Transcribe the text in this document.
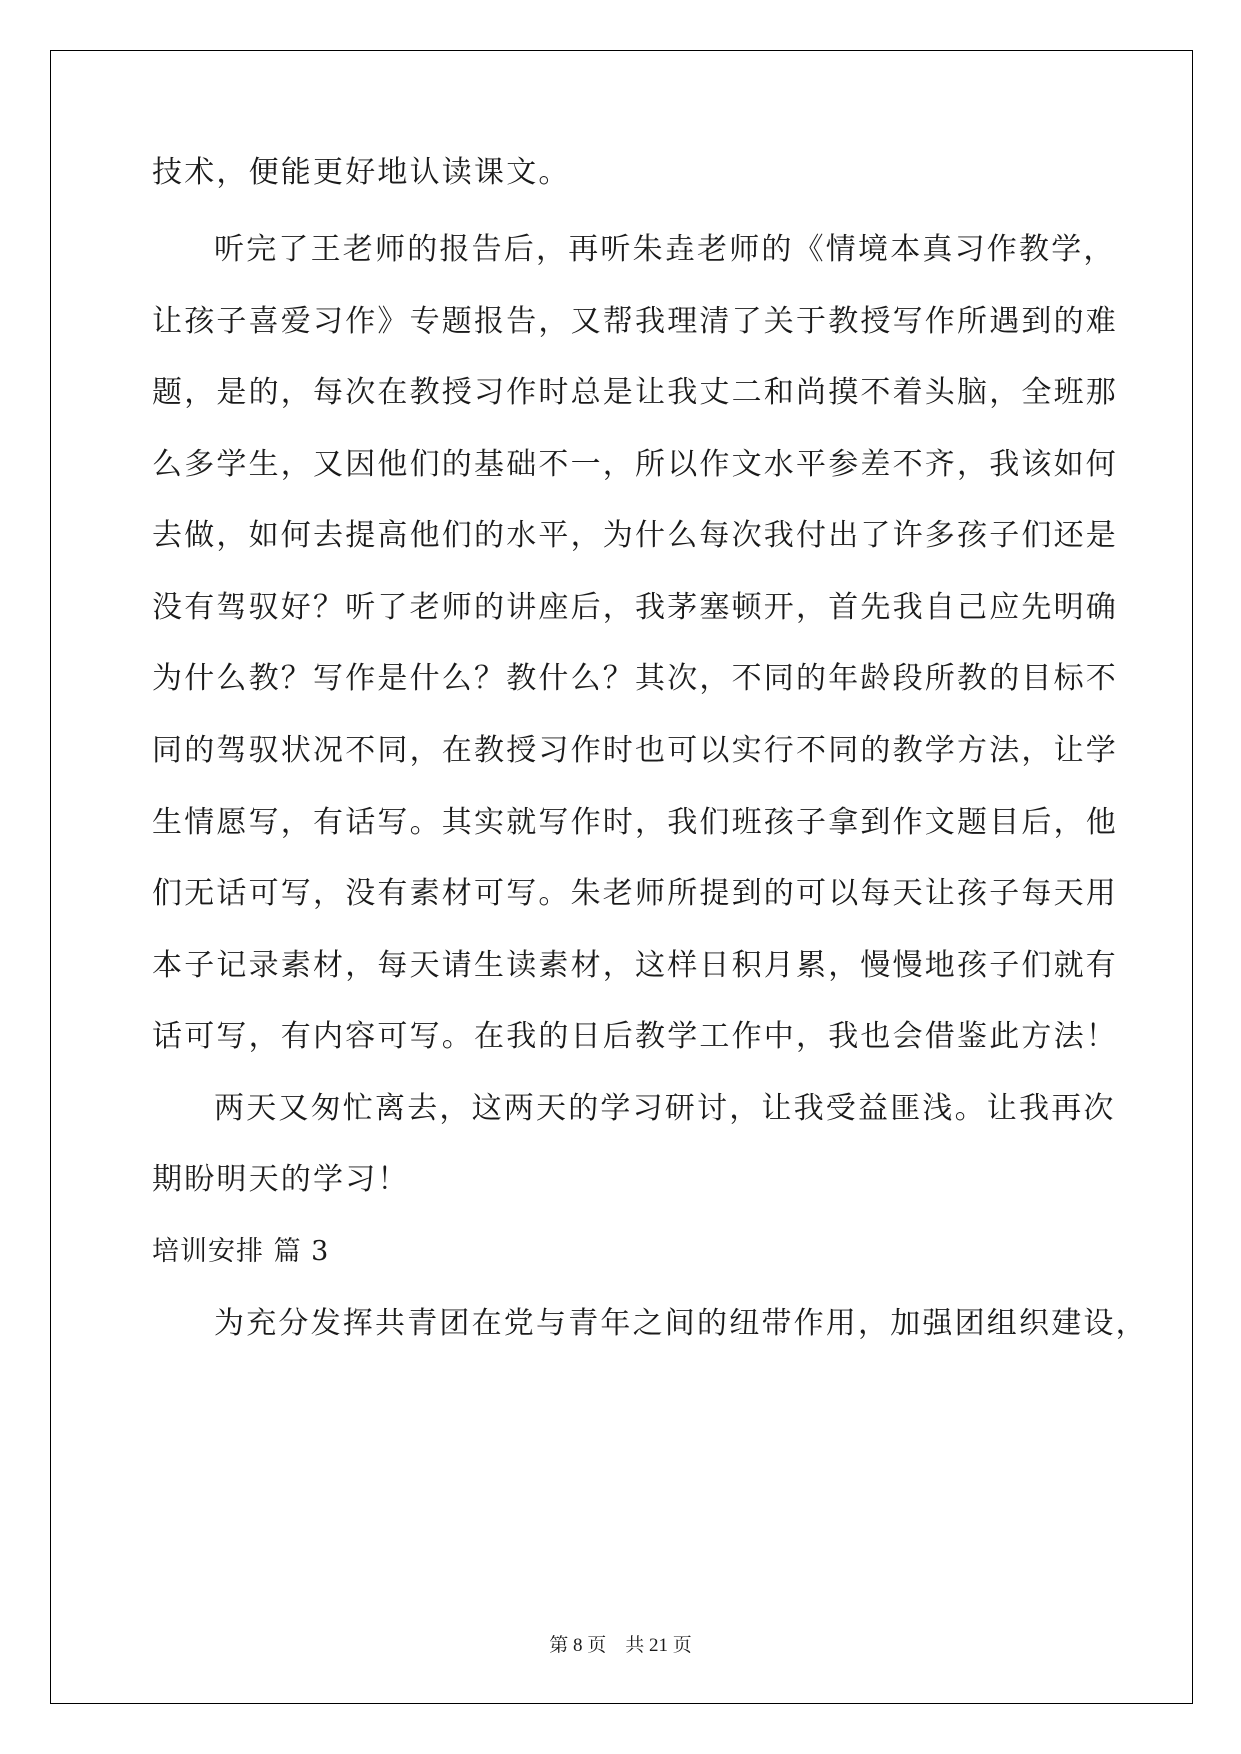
技术，便能更好地认读课文。

听完了王老师的报告后，再听朱垚老师的《情境本真习作教学，

让孩子喜爱习作》专题报告，又帮我理清了关于教授写作所遇到的难

题，是的，每次在教授习作时总是让我丈二和尚摸不着头脑，全班那

么多学生，又因他们的基础不一，所以作文水平参差不齐，我该如何

去做，如何去提高他们的水平，为什么每次我付出了许多孩子们还是

没有驾驭好？听了老师的讲座后，我茅塞顿开，首先我自己应先明确

为什么教？写作是什么？教什么？其次，不同的年龄段所教的目标不

同的驾驭状况不同，在教授习作时也可以实行不同的教学方法，让学

生情愿写，有话写。其实就写作时，我们班孩子拿到作文题目后，他

们无话可写，没有素材可写。朱老师所提到的可以每天让孩子每天用

本子记录素材，每天请生读素材，这样日积月累，慢慢地孩子们就有

话可写，有内容可写。在我的日后教学工作中，我也会借鉴此方法！

两天又匆忙离去，这两天的学习研讨，让我受益匪浅。让我再次

期盼明天的学习！

培训安排 篇 3

为充分发挥共青团在党与青年之间的纽带作用，加强团组织建设，

第 8 页    共 21 页
